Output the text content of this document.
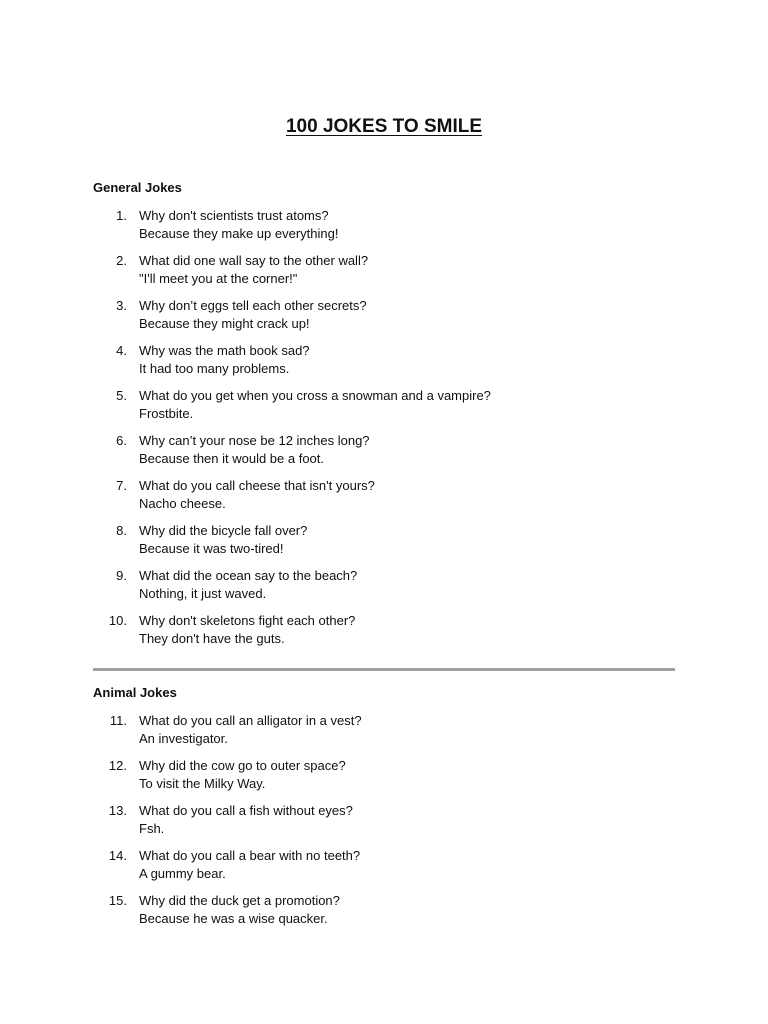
100 JOKES TO SMILE
General Jokes
1. Why don't scientists trust atoms?
Because they make up everything!
2. What did one wall say to the other wall?
"I'll meet you at the corner!"
3. Why don’t eggs tell each other secrets?
Because they might crack up!
4. Why was the math book sad?
It had too many problems.
5. What do you get when you cross a snowman and a vampire?
Frostbite.
6. Why can’t your nose be 12 inches long?
Because then it would be a foot.
7. What do you call cheese that isn't yours?
Nacho cheese.
8. Why did the bicycle fall over?
Because it was two-tired!
9. What did the ocean say to the beach?
Nothing, it just waved.
10. Why don't skeletons fight each other?
They don't have the guts.
Animal Jokes
11. What do you call an alligator in a vest?
An investigator.
12. Why did the cow go to outer space?
To visit the Milky Way.
13. What do you call a fish without eyes?
Fsh.
14. What do you call a bear with no teeth?
A gummy bear.
15. Why did the duck get a promotion?
Because he was a wise quacker.
